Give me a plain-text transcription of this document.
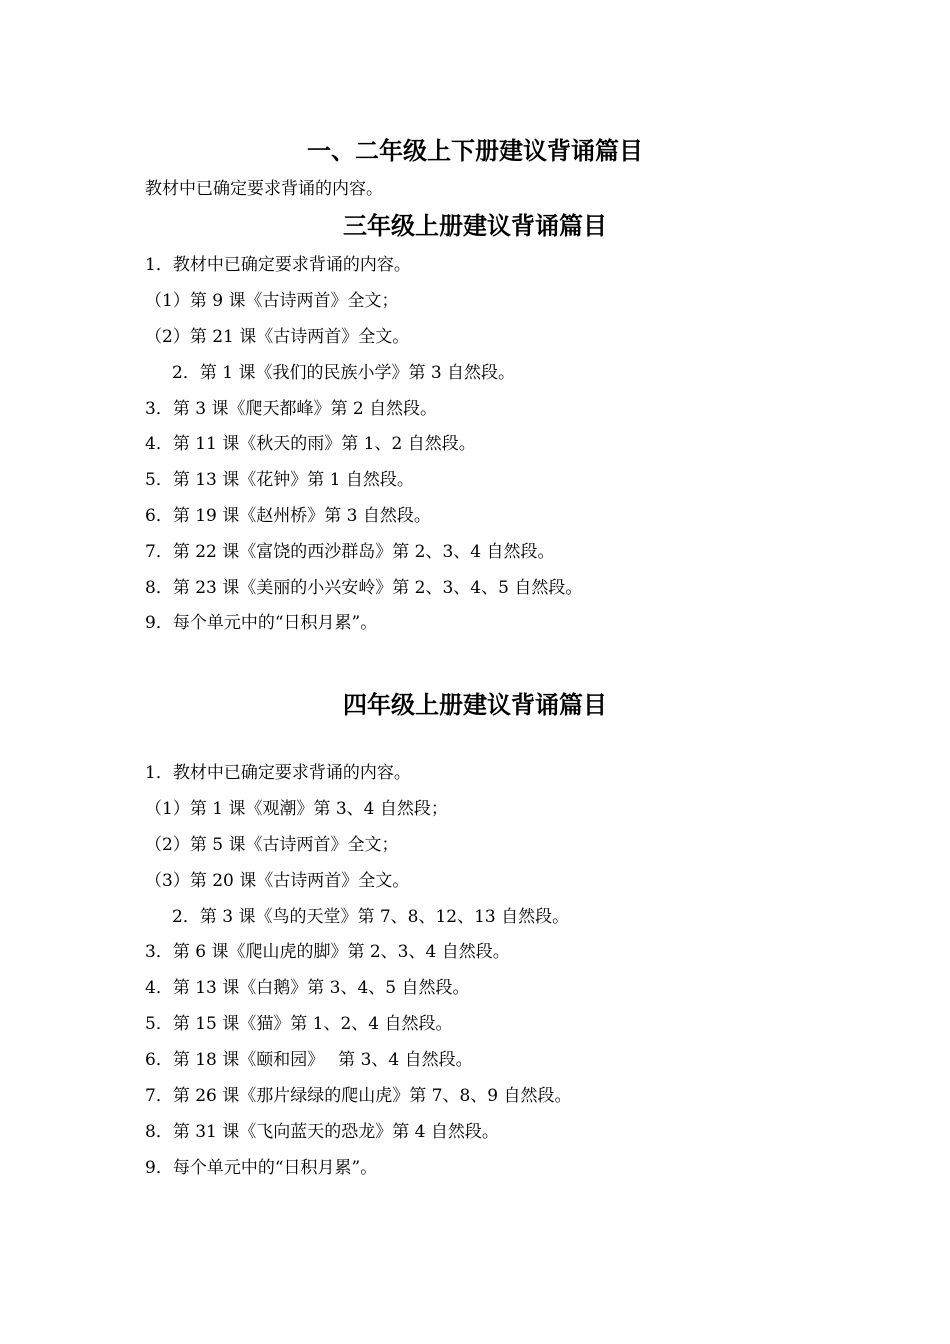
一、二年级上下册建议背诵篇目

教材中已确定要求背诵的内容。

三年级上册建议背诵篇目

1．教材中已确定要求背诵的内容。

（1）第 9 课《古诗两首》全文；

（2）第 21 课《古诗两首》全文。

2．第 1 课《我们的民族小学》第 3 自然段。

3．第 3 课《爬天都峰》第 2 自然段。

4．第 11 课《秋天的雨》第 1、2 自然段。

5．第 13 课《花钟》第 1 自然段。

6．第 19 课《赵州桥》第 3 自然段。

7．第 22 课《富饶的西沙群岛》第 2、3、4 自然段。

8．第 23 课《美丽的小兴安岭》第 2、3、4、5 自然段。

9．每个单元中的“日积月累”。

四年级上册建议背诵篇目

1．教材中已确定要求背诵的内容。

（1）第 1 课《观潮》第 3、4 自然段；

（2）第 5 课《古诗两首》全文；

（3）第 20 课《古诗两首》全文。

2．第 3 课《鸟的天堂》第 7、8、12、13 自然段。

3．第 6 课《爬山虎的脚》第 2、3、4 自然段。

4．第 13 课《白鹅》第 3、4、5 自然段。

5．第 15 课《猫》第 1、2、4 自然段。

6．第 18 课《颐和园》　 第 3、4 自然段。

7．第 26 课《那片绿绿的爬山虎》第 7、8、9 自然段。

8．第 31 课《飞向蓝天的恐龙》第 4 自然段。

9．每个单元中的“日积月累”。
